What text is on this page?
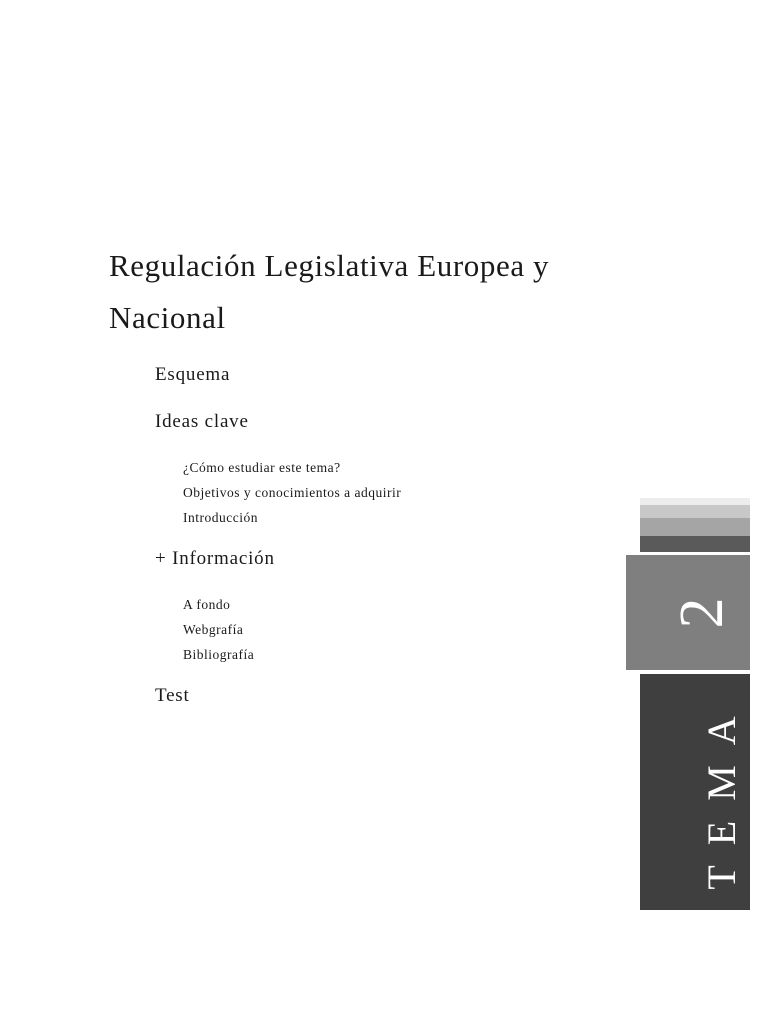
Regulación Legislativa Europea y Nacional
Esquema
Ideas clave

¿Cómo estudiar este tema?

Objetivos y conocimientos a adquirir

Introducción

+ Información

A fondo

Webgrafía

Bibliografía

Test
2
TEMA
